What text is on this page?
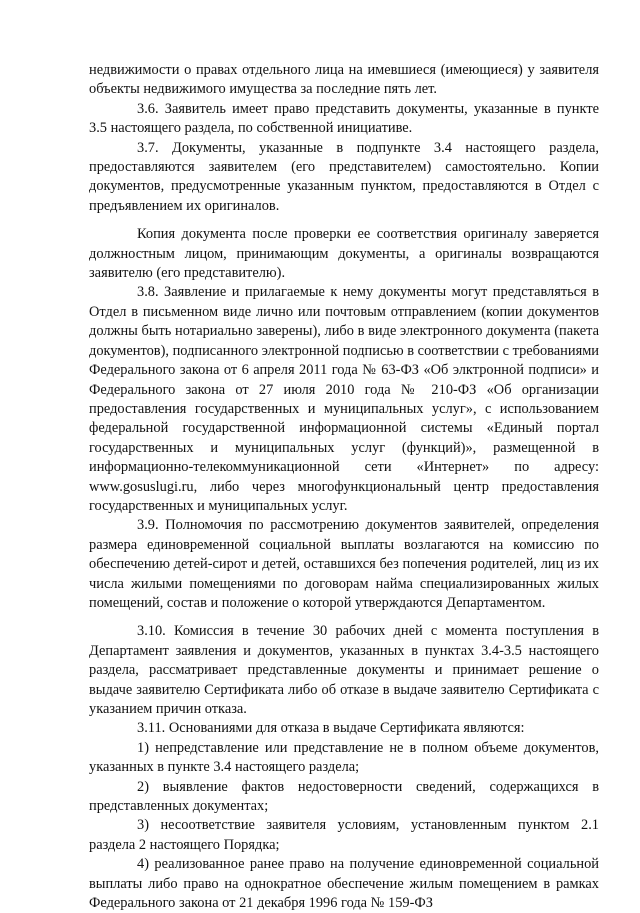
недвижимости о правах отдельного лица на имевшиеся (имеющиеся) у заявителя объекты недвижимого имущества за последние пять лет.

3.6. Заявитель имеет право представить документы, указанные в пункте 3.5 настоящего раздела, по собственной инициативе.

3.7. Документы, указанные в подпункте 3.4 настоящего раздела, предоставляются заявителем (его представителем) самостоятельно. Копии документов, предусмотренные указанным пунктом, предоставляются в Отдел с предъявлением их оригиналов.

Копия документа после проверки ее соответствия оригиналу заверяется должностным лицом, принимающим документы, а оригиналы возвращаются заявителю (его представителю).

3.8. Заявление и прилагаемые к нему документы могут представляться в Отдел в письменном виде лично или почтовым отправлением (копии документов должны быть нотариально заверены), либо в виде электронного документа (пакета документов), подписанного электронной подписью в соответствии с требованиями Федерального закона от 6 апреля 2011 года № 63-ФЗ «Об элктронной подписи» и Федерального закона от 27 июля 2010 года № 210-ФЗ «Об организации предоставления государственных и муниципальных услуг», с использованием федеральной государственной информационной системы «Единый портал государственных и муниципальных услуг (функций)», размещенной в информационно-телекоммуникационной сети «Интернет» по адресу: www.gosuslugi.ru, либо через многофункциональный центр предоставления государственных и муниципальных услуг.

3.9. Полномочия по рассмотрению документов заявителей, определения размера единовременной социальной выплаты возлагаются на комиссию по обеспечению детей-сирот и детей, оставшихся без попечения родителей, лиц из их числа жилыми помещениями по договорам найма специализированных жилых помещений, состав и положение о которой утверждаются Департаментом.

3.10. Комиссия в течение 30 рабочих дней с момента поступления в Департамент заявления и документов, указанных в пунктах 3.4-3.5 настоящего раздела, рассматривает представленные документы и принимает решение о выдаче заявителю Сертификата либо об отказе в выдаче заявителю Сертификата с указанием причин отказа.

3.11. Основаниями для отказа в выдаче Сертификата являются:

1) непредставление или представление не в полном объеме документов, указанных в пункте 3.4 настоящего раздела;

2) выявление фактов недостоверности сведений, содержащихся в представленных документах;

3) несоответствие заявителя условиям, установленным пунктом 2.1 раздела 2 настоящего Порядка;

4) реализованное ранее право на получение единовременной социальной выплаты либо право на однократное обеспечение жилым помещением в рамках Федерального закона от 21 декабря 1996 года № 159-ФЗ
